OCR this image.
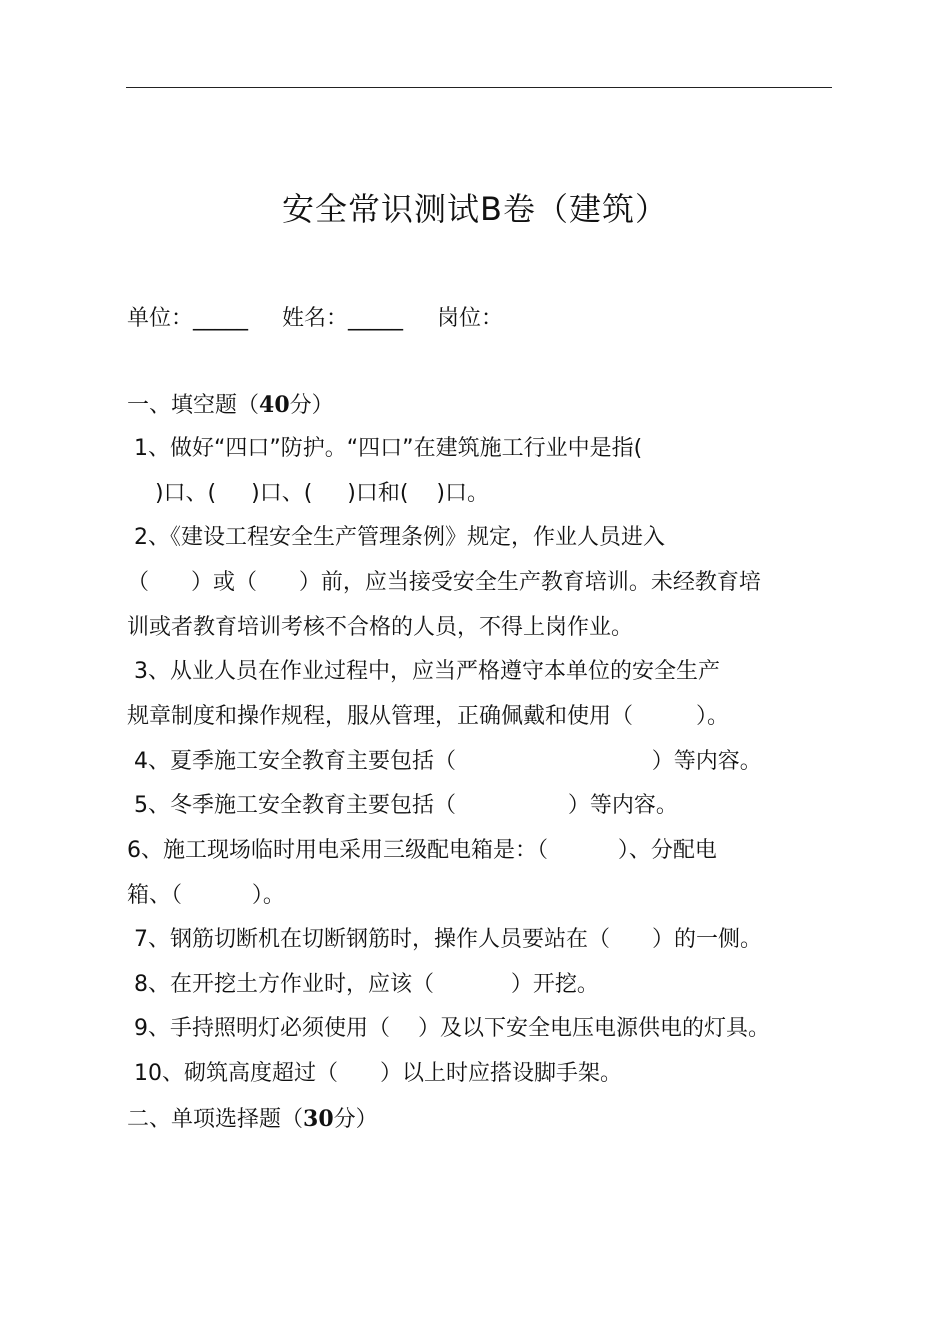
安全常识测试B卷（建筑）
单位：_____ 姓名：_____ 岗位：
一、填空题（40分）
1、做好“四口”防护。“四口”在建筑施工行业中是指(
)口、(     )口、(     )口和(    )口。
2、《建设工程安全生产管理条例》规定，作业人员进入
（      ）或（      ）前，应当接受安全生产教育培训。未经教育培
训或者教育培训考核不合格的人员，不得上岗作业。
3、从业人员在作业过程中，应当严格遵守本单位的安全生产
规章制度和操作规程，服从管理，正确佩戴和使用（         ）。
4、夏季施工安全教育主要包括（                            ）等内容。
5、冬季施工安全教育主要包括（                ）等内容。
6、施工现场临时用电采用三级配电箱是：（          ）、分配电
箱、（          ）。
7、钢筋切断机在切断钢筋时，操作人员要站在（      ）的一侧。
8、在开挖土方作业时，应该（           ）开挖。
9、手持照明灯必须使用（    ）及以下安全电压电源供电的灯具。
10、砌筑高度超过（      ）以上时应搭设脚手架。
二、单项选择题（30分）
